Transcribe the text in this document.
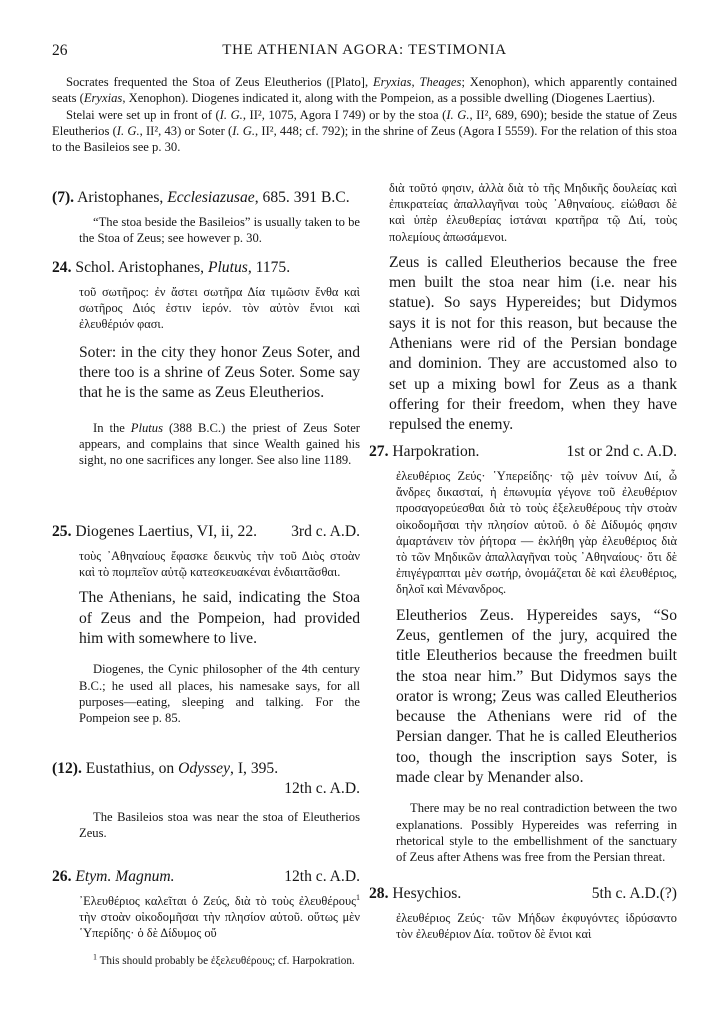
26	THE ATHENIAN AGORA: TESTIMONIA

Socrates frequented the Stoa of Zeus Eleutherios ([Plato], Eryxias, Theages; Xenophon), which apparently contained seats (Eryxias, Xenophon). Diogenes indicated it, along with the Pompeion, as a possible dwelling (Diogenes Laertius).

Stelai were set up in front of (I. G., II², 1075, Agora I 749) or by the stoa (I. G., II², 689, 690); beside the statue of Zeus Eleutherios (I. G., II², 43) or Soter (I. G., II², 448; cf. 792); in the shrine of Zeus (Agora I 5559). For the relation of this stoa to the Basileios see p. 30.

(7). Aristophanes, Ecclesiazusae, 685. 391 B.C.
“The stoa beside the Basileios” is usually taken to be the Stoa of Zeus; see however p. 30.
24. Schol. Aristophanes, Plutus, 1175.
τοῦ σωτῆρος: ἐν ἄστει σωτῆρα Δία τιμῶσιν ἔνθα καὶ σωτῆρος Διός ἐστιν ἱερόν. τὸν αὐτὸν ἔνιοι καὶ ἐλευθέριόν φασι.
Soter: in the city they honor Zeus Soter, and there too is a shrine of Zeus Soter. Some say that he is the same as Zeus Eleutherios.
In the Plutus (388 B.C.) the priest of Zeus Soter appears, and complains that since Wealth gained his sight, no one sacrifices any longer. See also line 1189.
25. Diogenes Laertius, VI, ii, 22. 3rd c. A.D.
τοὺς ᾿Αθηναίους ἔφασκε δεικνὺς τὴν τοῦ Διὸς στοὰν καὶ τὸ πομπεῖον αὐτῷ κατεσκευακέναι ἐνδιαιτᾶσθαι.
The Athenians, he said, indicating the Stoa of Zeus and the Pompeion, had provided him with somewhere to live.
Diogenes, the Cynic philosopher of the 4th century B.C.; he used all places, his namesake says, for all purposes—eating, sleeping and talking. For the Pompeion see p. 85.
(12). Eustathius, on Odyssey, I, 395.
12th c. A.D.
The Basileios stoa was near the stoa of Eleutherios Zeus.
26. Etym. Magnum.	12th c. A.D.
᾿Ελευθέριος καλεῖται ὁ Ζεύς, διὰ τὸ τοὺς ἐλευθέρους$^1$ τὴν στοὰν οἰκοδομῆσαι τὴν πλησίον αὐτοῦ. οὕτως μὲν ῾Υπερίδης· ὁ δὲ Δίδυμος οὔ
$^1$ This should probably be ἐξελευθέρους; cf. Harpokration.
διὰ τοῦτό φησιν, ἀλλὰ διὰ τὸ τῆς Μηδικῆς δουλείας καὶ ἐπικρατείας ἀπαλλαγῆναι τοὺς ᾿Αθηναίους. εἰώθασι δὲ καὶ ὑπὲρ ἐλευθερίας ἱστάναι κρατῆρα τῷ Διί, τοὺς πολεμίους ἀπωσάμενοι.
Zeus is called Eleutherios because the free men built the stoa near him (i.e. near his statue). So says Hypereides; but Didymos says it is not for this reason, but because the Athenians were rid of the Persian bondage and dominion. They are accustomed also to set up a mixing bowl for Zeus as a thank offering for their freedom, when they have repulsed the enemy.
27. Harpokration.	1st or 2nd c. A.D.
ἐλευθέριος Ζεύς· ῾Υπερείδης· τῷ μὲν τοίνυν Διί, ὦ ἄνδρες δικασταί, ἡ ἐπωνυμία γέγονε τοῦ ἐλευθέριον προσαγορεύεσθαι διὰ τὸ τοὺς ἐξελευθέρους τὴν στοὰν οἰκοδομῆσαι τὴν πλησίον αὐτοῦ. ὁ δὲ Δίδυμός φησιν ἁμαρτάνειν τὸν ῥήτορα — ἐκλήθη γὰρ ἐλευθέριος διὰ τὸ τῶν Μηδικῶν ἀπαλλαγῆναι τοὺς ᾿Αθηναίους· ὅτι δὲ ἐπιγέγραπται μὲν σωτήρ, ὀνομάζεται δὲ καὶ ἐλευθέριος, δηλοῖ καὶ Μένανδρος.
Eleutherios Zeus. Hypereides says, “So Zeus, gentlemen of the jury, acquired the title Eleutherios because the freedmen built the stoa near him.” But Didymos says the orator is wrong; Zeus was called Eleutherios because the Athenians were rid of the Persian danger. That he is called Eleutherios too, though the inscription says Soter, is made clear by Menander also.
There may be no real contradiction between the two explanations. Possibly Hypereides was referring in rhetorical style to the embellishment of the sanctuary of Zeus after Athens was free from the Persian threat.
28. Hesychios.	5th c. A.D.(?)
ἐλευθέριος Ζεύς· τῶν Μήδων ἐκφυγόντες ἱδρύσαντο τὸν ἐλευθέριον Δία. τοῦτον δὲ ἔνιοι καὶ
